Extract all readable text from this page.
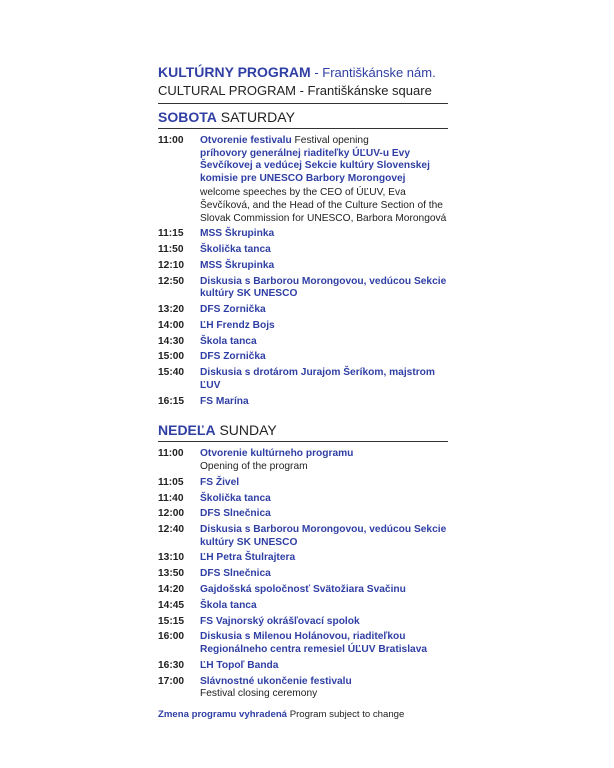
KULTÚRNY PROGRAM - Františkánske nám.
CULTURAL PROGRAM - Františkánske square
SOBOTA SATURDAY
11:00	Otvorenie festivalu Festival opening
príhovory generálnej riaditeľky ÚĽUV-u Evy Ševčíkovej a vedúcej Sekcie kultúry Slovenskej komisie pre UNESCO Barbory Morongovej
welcome speeches by the CEO of ÚĽUV, Eva Ševčíková, and the Head of the Culture Section of the Slovak Commission for UNESCO, Barbora Morongová
11:15	MSS Škrupinka
11:50	Školička tanca
12:10	MSS Škrupinka
12:50	Diskusia s Barborou Morongovou, vedúcou Sekcie kultúry SK UNESCO
13:20	DFS Zornička
14:00	ĽH Frendz Bojs
14:30	Škola tanca
15:00	DFS Zornička
15:40	Diskusia s drotárom Jurajom Šeríkom, majstrom ĽUV
16:15	FS Marína
NEDEĽA SUNDAY
11:00	Otvorenie kultúrneho programu
Opening of the program
11:05	FS Živel
11:40	Školička tanca
12:00	DFS Slnečnica
12:40	Diskusia s Barborou Morongovou, vedúcou Sekcie kultúry SK UNESCO
13:10	ĽH Petra Štulrajtera
13:50	DFS Slnečnica
14:20	Gajdošská spoločnosť Svätožiara Svačinu
14:45	Škola tanca
15:15	FS Vajnorský okrášľovací spolok
16:00	Diskusia s Milenou Holánovou, riaditeľkou Regionálneho centra remesiel ÚĽUV Bratislava
16:30	ĽH Topoľ Banda
17:00	Slávnostné ukončenie festivalu
Festival closing ceremony
Zmena programu vyhradená Program subject to change
